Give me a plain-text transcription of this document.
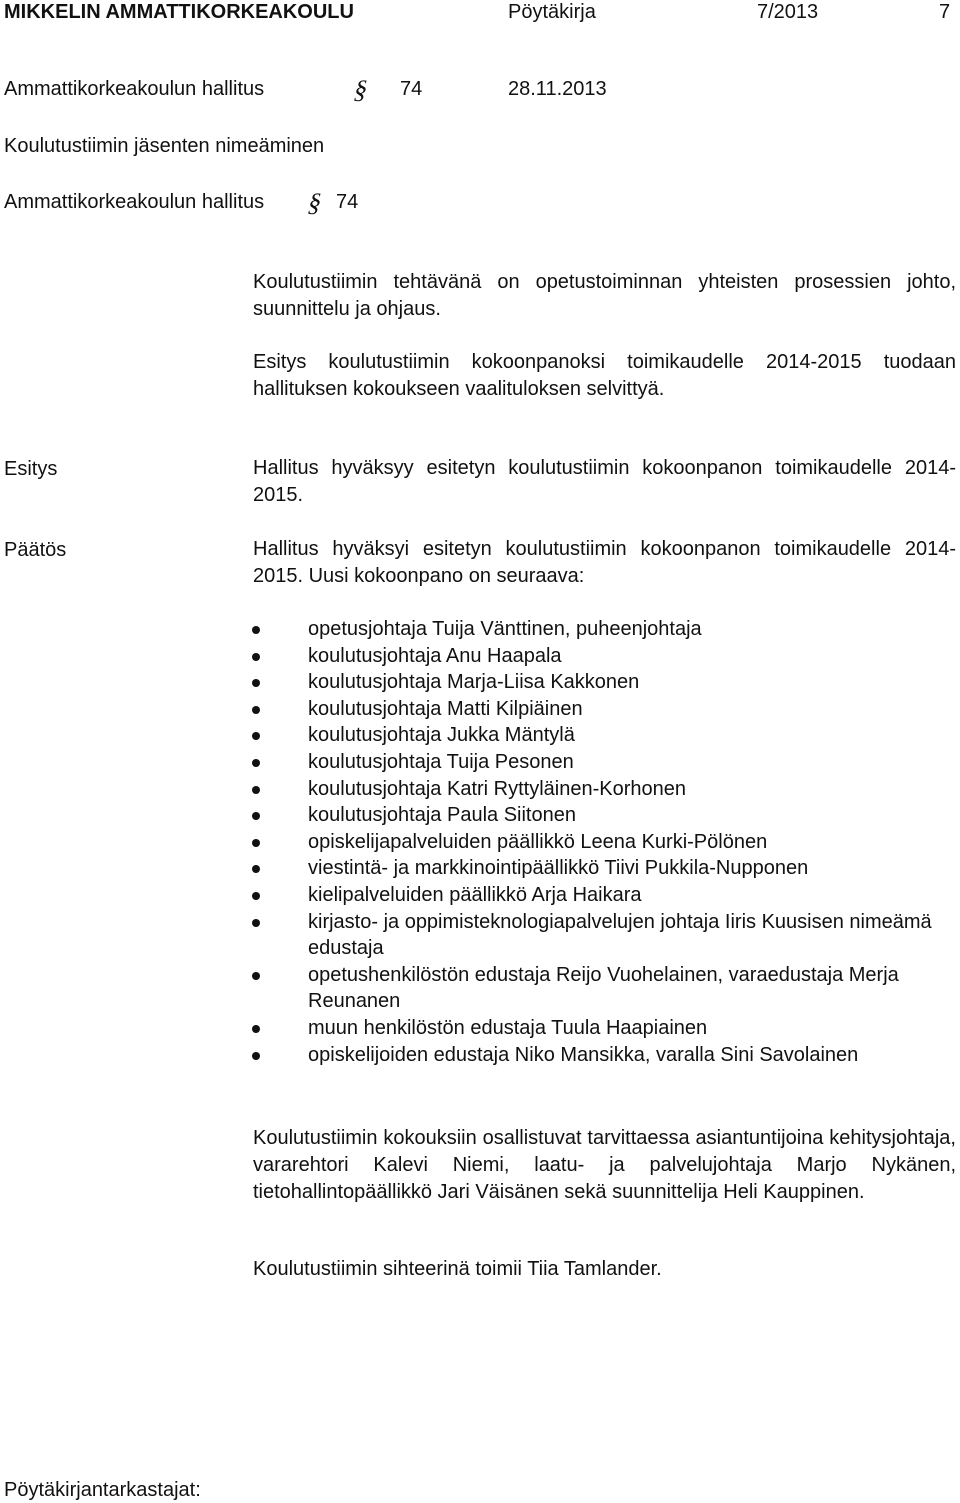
MIKKELIN AMMATTIKORKEAKOULU	Pöytäkirja	7/2013	7
Ammattikorkeakoulun hallitus	§ 74	28.11.2013
Koulutustiimin jäsenten nimeäminen
Ammattikorkeakoulun hallitus § 74
Koulutustiimin tehtävänä on opetustoiminnan yhteisten prosessien johto, suunnittelu ja ohjaus.
Esitys koulutustiimin kokoonpanoksi toimikaudelle 2014-2015 tuodaan hallituksen kokoukseen vaalituloksen selvittyä.
Esitys	Hallitus hyväksyy esitetyn koulutustiimin kokoonpanon toimikaudelle 2014-2015.
Päätös	Hallitus hyväksyi esitetyn koulutustiimin kokoonpanon toimikaudelle 2014-2015. Uusi kokoonpano on seuraava:
opetusjohtaja Tuija Vänttinen, puheenjohtaja
koulutusjohtaja Anu Haapala
koulutusjohtaja Marja-Liisa Kakkonen
koulutusjohtaja Matti Kilpiäinen
koulutusjohtaja Jukka Mäntylä
koulutusjohtaja Tuija Pesonen
koulutusjohtaja Katri Ryttyläinen-Korhonen
koulutusjohtaja Paula Siitonen
opiskelijapalveluiden päällikkö Leena Kurki-Pölönen
viestintä- ja markkinointipäällikkö Tiivi Pukkila-Nupponen
kielipalveluiden päällikkö Arja Haikara
kirjasto- ja oppimisteknologiapalvelujen johtaja Iiris Kuusisen nimeämä edustaja
opetushenkilöstön edustaja Reijo Vuohelainen, varaedustaja Merja Reunanen
muun henkilöstön edustaja Tuula Haapiainen
opiskelijoiden edustaja Niko Mansikka, varalla Sini Savolainen
Koulutustiimin kokouksiin osallistuvat tarvittaessa asiantuntijoina kehitysjohtaja, vararehtori Kalevi Niemi, laatu- ja palvelujohtaja Marjo Nykänen, tietohallintopäällikkö Jari Väisänen sekä suunnittelija Heli Kauppinen.
Koulutustiimin sihteerinä toimii Tiia Tamlander.
Pöytäkirjantarkastajat:
